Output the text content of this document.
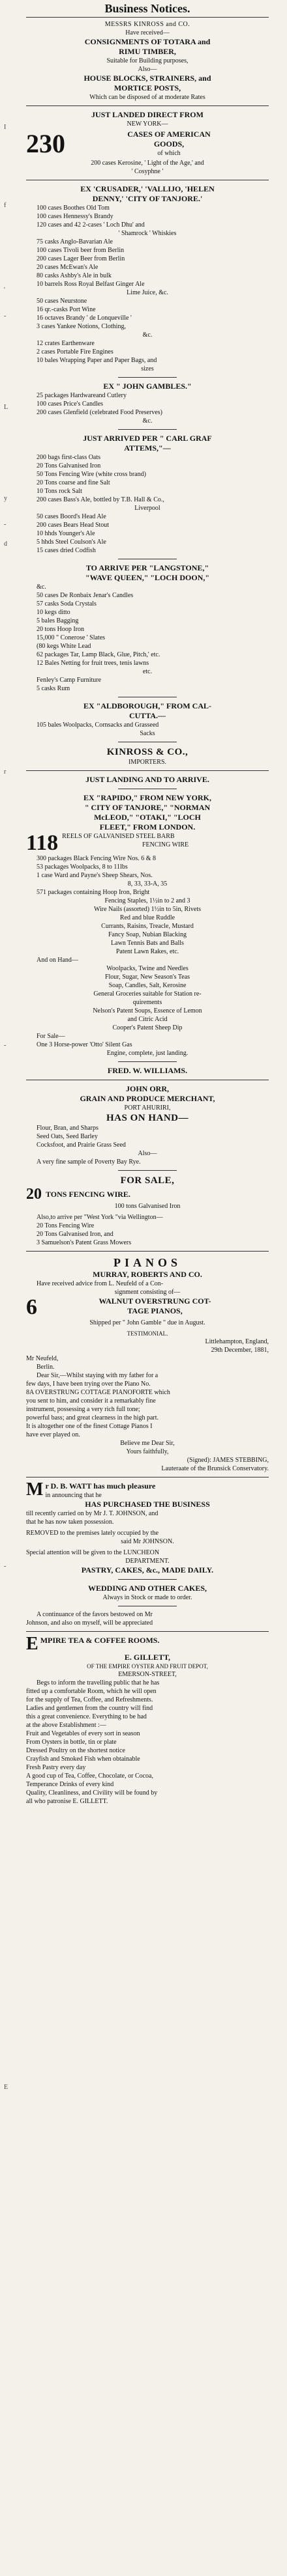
I
f
'
-
L
y
-
d
r
-
-
E
Business Notices.
MESSRS KINROSS and CO.
Have received—
CONSIGNMENTS OF TOTARA and
RIMU TIMBER,
Suitable for Building purposes,
Also—
HOUSE BLOCKS, STRAINERS, and
MORTICE POSTS,
Which can be disposed of at moderate Rates
JUST LANDED DIRECT FROM
NEW YORK—
230	CASES OF AMERICAN
GOODS,
of which
200 cases Kerosine, ' Light of the Age,' and
' Cosyphne '
EX 'CRUSADER,' 'VALLIJO, 'HELEN
DENNY,' 'CITY OF TANJORE.'
100 cases Boothes Old Tom
100 cases Hennessy's Brandy
120 cases and 42 2-cases ' Loch Dhu' and
' Shamrock ' Whiskies
75 casks Anglo-Bavarian Ale
100 cases Tivoli beer from Berlin
200 cases Lager Beer from Berlin
20 cases McEwan's Ale
80 casks Ashby's Ale in bulk
10 barrels Ross Royal Belfast Ginger Ale
Lime Juice, &c.
50 cases Neurstone
16 qr.-casks Port Wine
16 octaves Brandy ' de Lonqueville '
3 cases Yankee Notions, Clothing,
&c.
12 crates Earthenware
2 cases Portable Fire Engines
10 bales Wrapping Paper and Paper Bags, and
sizes
EX " JOHN GAMBLES."
25 packages Hardwareand Cutlery
100 cases Price's Candles
200 cases Glenfield (celebrated Food Preserves)
&c.
JUST ARRIVED PER " CARL GRAF
ATTEMS,"—
200 bags first-class Oats
20 Tons Galvanised Iron
50 Tons Fencing Wire (white cross brand)
20 Tons coarse and fine Salt
10 Tons rock Salt
200 cases Bass's Ale, bottled by T.B. Hall & Co.,
Liverpool
50 cases Boord's Head Ale
200 cases Bears Head Stout
10 hhds Younger's Ale
5 hhds Steel Coulson's Ale
15 cases dried Codfish
TO ARRIVE PER "LANGSTONE,"
"WAVE QUEEN," "LOCH DOON,"
&c.
50 cases De Ronbaix Jenar's Candles
57 casks Soda Crystals
10 kegs ditto
5 bales Bagging
20 tons Hoop Iron
15,000 " Conerose ' Slates
(80 kegs White Lead
62 packages Tar, Lamp Black, Glue, Pitch,' etc.
12 Bales Netting for fruit trees, tenis lawns
etc.
Fenley's Camp Furniture
5 casks Rum
EX "ALDBOROUGH," FROM CAL-
CUTTA.—
105 bales Woolpacks, Cornsacks and Grasseed
Sacks
KINROSS & CO.,
IMPORTERS.
JUST LANDING AND TO ARRIVE.
EX "RAPIDO," FROM NEW YORK,
" CITY OF TANJORE," "NORMAN
McLEOD," "OTAKI," "LOCH
FLEET," FROM LONDON.
118 REELS OF GALVANISED STEEL BARB
FENCING WIRE
300 packages Black Fencing Wire Nos. 6 & 8
53 packages Woolpacks, 8 to 11lbs
1 case Ward and Payne's Sheep Shears, Nos.
8, 33, 33-A, 35
571 packages containing Hoop Iron, Bright
Fencing Staples, 1½in to 2 and 3
Wire Nails (assorted) 1½in to 5in, Rivets
Red and blue Ruddle
Currants, Raisins, Treacle, Mustard
Fancy Soap, Nubian Blacking
Lawn Tennis Bats and Balls
Patent Lawn Rakes, etc.
And on Hand—
Woolpacks, Twine and Needles
Flour, Sugar, New Season's Teas
Soap, Candles, Salt, Kerosine
General Groceries suitable for Station re-
quirements
Nelson's Patent Soups, Essence of Lemon
and Citric Acid
Cooper's Patent Sheep Dip
For Sale—
One 3 Horse-power 'Otto' Silent Gas
Engine, complete, just landing.
FRED. W. WILLIAMS.
JOHN ORR,
GRAIN AND PRODUCE MERCHANT,
PORT AHURIRI,
HAS ON HAND—
Flour, Bran, and Sharps
Seed Oats, Seed Barley
Cocksfoot, and Prairie Grass Seed
Also—
A very fine sample of Poverty Bay Rye.
FOR SALE,
20 TONS FENCING WIRE.
100 tons Galvanised Iron
Also,to arrive per "West York "via Wellington—
20 Tons Fencing Wire
20 Tons Galvanised Iron, and
3 Samuelson's Patent Grass Mowers
PIANOS
MURRAY, ROBERTS AND CO.
Have received advice from L. Neufeld of a Con-
signment consisting of—
6	WALNUT OVERSTRUNG COT-
TAGE PIANOS,
Shipped per " John Gamble " due in August.
TESTIMONIAL.
Littlehampton, England,
29th December, 1881,
Mr Neufeld,
Berlin.
Dear Sir,—Whilst staying with my father for a
few days, I have been trying over the Piano No.
8A OVERSTRUNG COTTAGE PIANOFORTE which
you sent to him, and consider it a remarkably fine
instrument, possessing a very rich full tone;
powerful bass; and great clearness in the high part.
It is altogether one of the finest Cottage Pianos I
have ever played on.
Believe me Dear Sir,
Yours faithfully,
(Signed): JAMES STEBBING,
Lauteraate of the Brunsick Conservatory.
M r D. B. WATT has much pleasure
in announcing that he
HAS PURCHASED THE BUSINESS
till recently carried on by Mr J. T. JOHNSON, and
that he has now taken possession.
REMOVED to the premises lately occupied by the
said Mr JOHNSON.
Special attention will be given to the LUNCHEON
DEPARTMENT.
PASTRY, CAKES, &c., MADE DAILY.
WEDDING AND OTHER CAKES,
Always in Stock or made to order.
A continuance of the favors bestowed on Mr
Johnson, and also on myself, will be appreciated
E MPIRE TEA & COFFEE ROOMS.
E. GILLETT,
OF THE EMPIRE OYSTER AND FRUIT DEPOT,
EMERSON-STREET,
Begs to inform the travelling public that he has
fitted up a comfortable Room, which he will open
for the supply of Tea, Coffee, and Refreshments.
Ladies and gentlemen from the country will find
this a great convenience. Everything to be had
at the above Establishment :—
Fruit and Vegetables of every sort in season
From Oysters in bottle, tin or plate
Dressed Poultry on the shortest notice
Crayfish and Smoked Fish when obtainable
Fresh Pastry every day
A good cup of Tea, Coffee, Chocolate, or Cocoa,
Temperance Drinks of every kind
Quality, Cleanliness, and Civility will be found by
all who patronise E. GILLETT.
